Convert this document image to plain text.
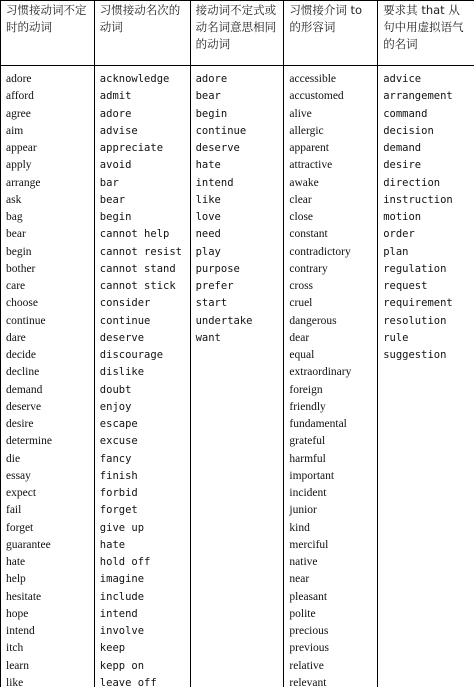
习惯接动词不定
时的动词
习惯接动名次的
动词
接动词不定式或
动名词意思相同
的动词
习惯接介词 to
的形容词
要求其 that 从
句中用虚拟语气
的名词
adore
afford
agree
aim
appear
apply
arrange
ask
bag
bear
begin
bother
care
choose
continue
dare
decide
decline
demand
deserve
desire
determine
die
essay
expect
fail
forget
guarantee
hate
help
hesitate
hope
intend
itch
learn
like
acknowledge
admit
adore
advise
appreciate
avoid
bar
bear
begin
cannot help
cannot resist
cannot stand
cannot stick
consider
continue
deserve
discourage
dislike
doubt
enjoy
escape
excuse
fancy
finish
forbid
forget
give up
hate
hold off
imagine
include
intend
involve
keep
kepp on
leave off
adore
bear
begin
continue
deserve
hate
intend
like
love
need
play
purpose
prefer
start
undertake
want
accessible
accustomed
alive
allergic
apparent
attractive
awake
clear
close
constant
contradictory
contrary
cross
cruel
dangerous
dear
equal
extraordinary
foreign
friendly
fundamental
grateful
harmful
important
incident
junior
kind
merciful
native
near
pleasant
polite
precious
previous
relative
relevant
advice
arrangement
command
decision
demand
desire
direction
instruction
motion
order
plan
regulation
request
requirement
resolution
rule
suggestion
